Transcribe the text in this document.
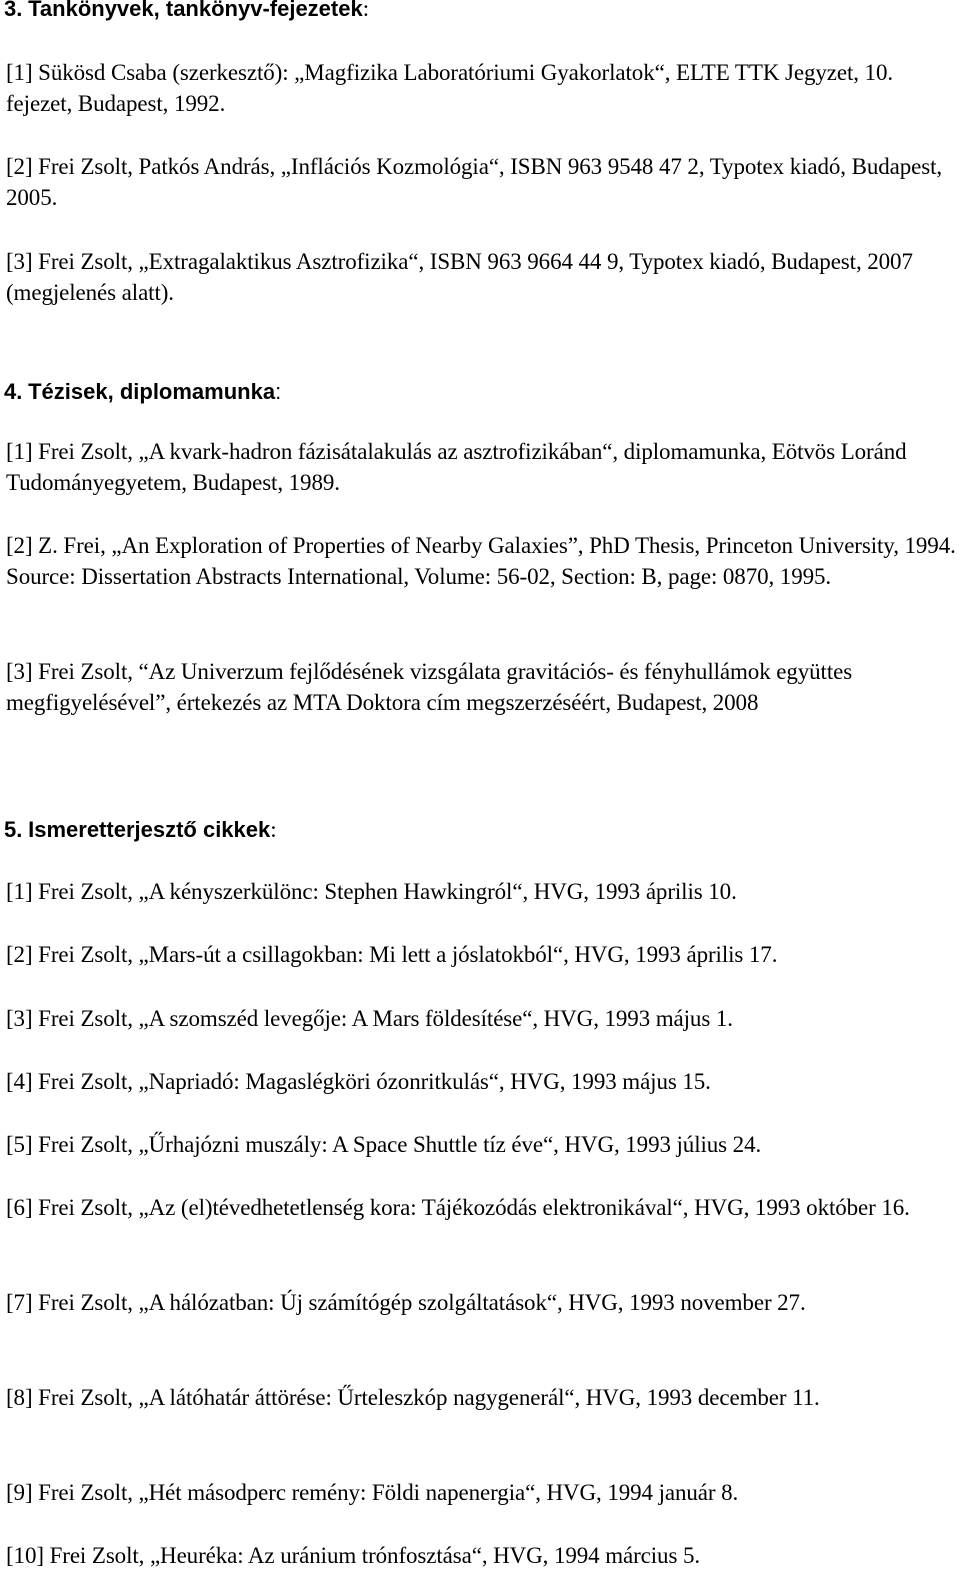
3. Tankönyvek, tankönyv-fejezetek:

[1] Sükösd Csaba (szerkesztő): „Magfizika Laboratóriumi Gyakorlatok“, ELTE TTK Jegyzet, 10. fejezet, Budapest, 1992.

[2] Frei Zsolt, Patkós András, „Inflációs Kozmológia“, ISBN 963 9548 47 2, Typotex kiadó, Budapest, 2005.

[3] Frei Zsolt, „Extragalaktikus Asztrofizika“, ISBN 963 9664 44 9, Typotex kiadó, Budapest, 2007 (megjelenés alatt).

4. Tézisek, diplomamunka:

[1] Frei Zsolt, „A kvark-hadron fázisátalakulás az asztrofizikában“, diplomamunka, Eötvös Loránd Tudományegyetem, Budapest, 1989.

[2] Z. Frei, „An Exploration of Properties of Nearby Galaxies”, PhD Thesis, Princeton University, 1994. Source: Dissertation Abstracts International, Volume: 56-02, Section: B, page: 0870, 1995.

[3] Frei Zsolt, “Az Univerzum fejlődésének vizsgálata gravitációs- és fényhullámok együttes megfigyelésével”, értekezés az MTA Doktora cím megszerzéséért, Budapest, 2008

5. Ismeretterjesztő cikkek:

[1] Frei Zsolt, „A kényszerkülönc: Stephen Hawkingról“, HVG, 1993 április 10.

[2] Frei Zsolt, „Mars-út a csillagokban: Mi lett a jóslatokból“, HVG, 1993 április 17.

[3] Frei Zsolt, „A szomszéd levegője: A Mars földesítése“, HVG, 1993 május 1.

[4] Frei Zsolt, „Napriadó: Magaslégköri ózonritkulás“, HVG, 1993 május 15.

[5] Frei Zsolt, „Űrhajózni muszály: A Space Shuttle tíz éve“, HVG, 1993 július 24.

[6] Frei Zsolt, „Az (el)tévedhetetlenség kora: Tájékozódás elektronikával“, HVG, 1993 október 16.

[7] Frei Zsolt, „A hálózatban: Új számítógép szolgáltatások“, HVG, 1993 november 27.

[8] Frei Zsolt, „A látóhatár áttörése: Űrteleszkóp nagygenerál“, HVG, 1993 december 11.

[9] Frei Zsolt, „Hét másodperc remény: Földi napenergia“, HVG, 1994 január 8.

[10] Frei Zsolt, „Heuréka: Az uránium trónfosztása“, HVG, 1994 március 5.
